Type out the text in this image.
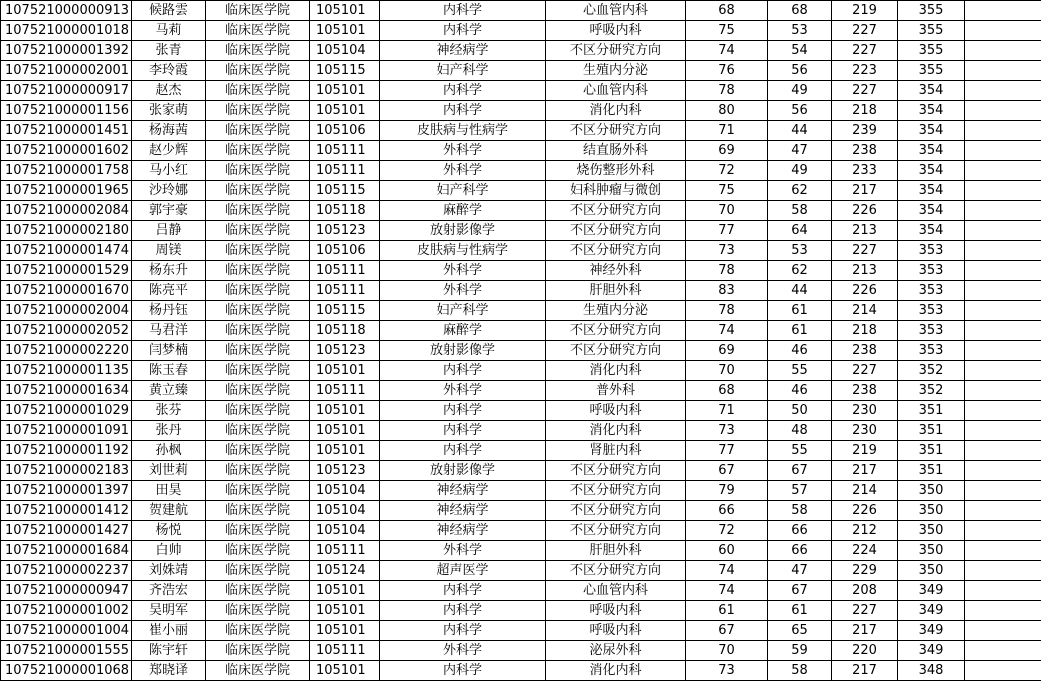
107521000000913	候路雲	临床医学院	105101	内科学	心血管内科	68	68	219	355	
107521000001018	马莉	临床医学院	105101	内科学	呼吸内科	75	53	227	355	
107521000001392	张青	临床医学院	105104	神经病学	不区分研究方向	74	54	227	355	
107521000002001	李玲霞	临床医学院	105115	妇产科学	生殖内分泌	76	56	223	355	
107521000000917	赵杰	临床医学院	105101	内科学	心血管内科	78	49	227	354	
107521000001156	张家萌	临床医学院	105101	内科学	消化内科	80	56	218	354	
107521000001451	杨海茜	临床医学院	105106	皮肤病与性病学	不区分研究方向	71	44	239	354	
107521000001602	赵少辉	临床医学院	105111	外科学	结直肠外科	69	47	238	354	
107521000001758	马小红	临床医学院	105111	外科学	烧伤整形外科	72	49	233	354	
107521000001965	沙玲娜	临床医学院	105115	妇产科学	妇科肿瘤与微创	75	62	217	354	
107521000002084	郭宇豪	临床医学院	105118	麻醉学	不区分研究方向	70	58	226	354	
107521000002180	吕静	临床医学院	105123	放射影像学	不区分研究方向	77	64	213	354	
107521000001474	周镁	临床医学院	105106	皮肤病与性病学	不区分研究方向	73	53	227	353	
107521000001529	杨东升	临床医学院	105111	外科学	神经外科	78	62	213	353	
107521000001670	陈亮平	临床医学院	105111	外科学	肝胆外科	83	44	226	353	
107521000002004	杨丹钰	临床医学院	105115	妇产科学	生殖内分泌	78	61	214	353	
107521000002052	马君洋	临床医学院	105118	麻醉学	不区分研究方向	74	61	218	353	
107521000002220	闫梦楠	临床医学院	105123	放射影像学	不区分研究方向	69	46	238	353	
107521000001135	陈玉春	临床医学院	105101	内科学	消化内科	70	55	227	352	
107521000001634	黄立臻	临床医学院	105111	外科学	普外科	68	46	238	352	
107521000001029	张芬	临床医学院	105101	内科学	呼吸内科	71	50	230	351	
107521000001091	张丹	临床医学院	105101	内科学	消化内科	73	48	230	351	
107521000001192	孙枫	临床医学院	105101	内科学	肾脏内科	77	55	219	351	
107521000002183	刘世莉	临床医学院	105123	放射影像学	不区分研究方向	67	67	217	351	
107521000001397	田昊	临床医学院	105104	神经病学	不区分研究方向	79	57	214	350	
107521000001412	贺建航	临床医学院	105104	神经病学	不区分研究方向	66	58	226	350	
107521000001427	杨悦	临床医学院	105104	神经病学	不区分研究方向	72	66	212	350	
107521000001684	白帅	临床医学院	105111	外科学	肝胆外科	60	66	224	350	
107521000002237	刘姝靖	临床医学院	105124	超声医学	不区分研究方向	74	47	229	350	
107521000000947	齐浩宏	临床医学院	105101	内科学	心血管内科	74	67	208	349	
107521000001002	吴明军	临床医学院	105101	内科学	呼吸内科	61	61	227	349	
107521000001004	崔小丽	临床医学院	105101	内科学	呼吸内科	67	65	217	349	
107521000001555	陈宇轩	临床医学院	105111	外科学	泌尿外科	70	59	220	349	
107521000001068	郑晓译	临床医学院	105101	内科学	消化内科	73	58	217	348	
